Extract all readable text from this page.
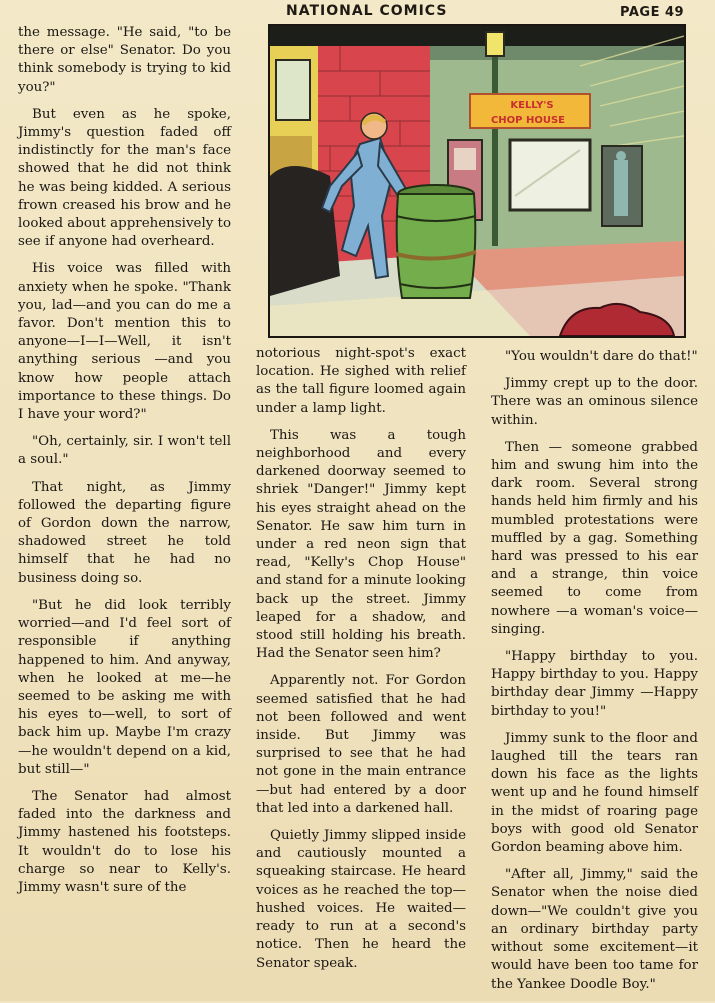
NATIONAL COMICS	PAGE 49
KELLY'S
CHOP HOUSE

the message. "He said, "to be there or else" Senator. Do you think somebody is trying to kid you?"

But even as he spoke, Jimmy's question faded off indistinctly for the man's face showed that he did not think he was being kidded. A serious frown creased his brow and he looked about apprehensively to see if anyone had overheard.

His voice was filled with anxiety when he spoke. "Thank you, lad—and you can do me a favor. Don't mention this to anyone—I—I—Well, it isn't anything serious —and you know how people attach importance to these things. Do I have your word?"

"Oh, certainly, sir. I won't tell a soul."

That night, as Jimmy followed the departing figure of Gordon down the narrow, shadowed street he told himself that he had no business doing so.

"But he did look terribly worried—and I'd feel sort of responsible if anything happened to him. And anyway, when he looked at me—he seemed to be asking me with his eyes to—well, to sort of back him up. Maybe I'm crazy —he wouldn't depend on a kid, but still—"

The Senator had almost faded into the darkness and Jimmy hastened his footsteps. It wouldn't do to lose his charge so near to Kelly's. Jimmy wasn't sure of the

notorious night-spot's exact location. He sighed with relief as the tall figure loomed again under a lamp light.

This was a tough neighborhood and every darkened doorway seemed to shriek "Danger!" Jimmy kept his eyes straight ahead on the Senator. He saw him turn in under a red neon sign that read, "Kelly's Chop House" and stand for a minute looking back up the street. Jimmy leaped for a shadow, and stood still holding his breath. Had the Senator seen him?

Apparently not. For Gordon seemed satisfied that he had not been followed and went inside. But Jimmy was surprised to see that he had not gone in the main entrance —but had entered by a door that led into a darkened hall.

Quietly Jimmy slipped inside and cautiously mounted a squeaking staircase. He heard voices as he reached the top—hushed voices. He waited—ready to run at a second's notice. Then he heard the Senator speak.

"You wouldn't dare do that!"

Jimmy crept up to the door. There was an ominous silence within.

Then — someone grabbed him and swung him into the dark room. Several strong hands held him firmly and his mumbled protestations were muffled by a gag. Something hard was pressed to his ear and a strange, thin voice seemed to come from nowhere —a woman's voice—singing.

"Happy birthday to you. Happy birthday to you. Happy birthday dear Jimmy —Happy birthday to you!"

Jimmy sunk to the floor and laughed till the tears ran down his face as the lights went up and he found himself in the midst of roaring page boys with good old Senator Gordon beaming above him.

"After all, Jimmy," said the Senator when the noise died down—"We couldn't give you an ordinary birthday party without some excitement—it would have been too tame for the Yankee Doodle Boy."
